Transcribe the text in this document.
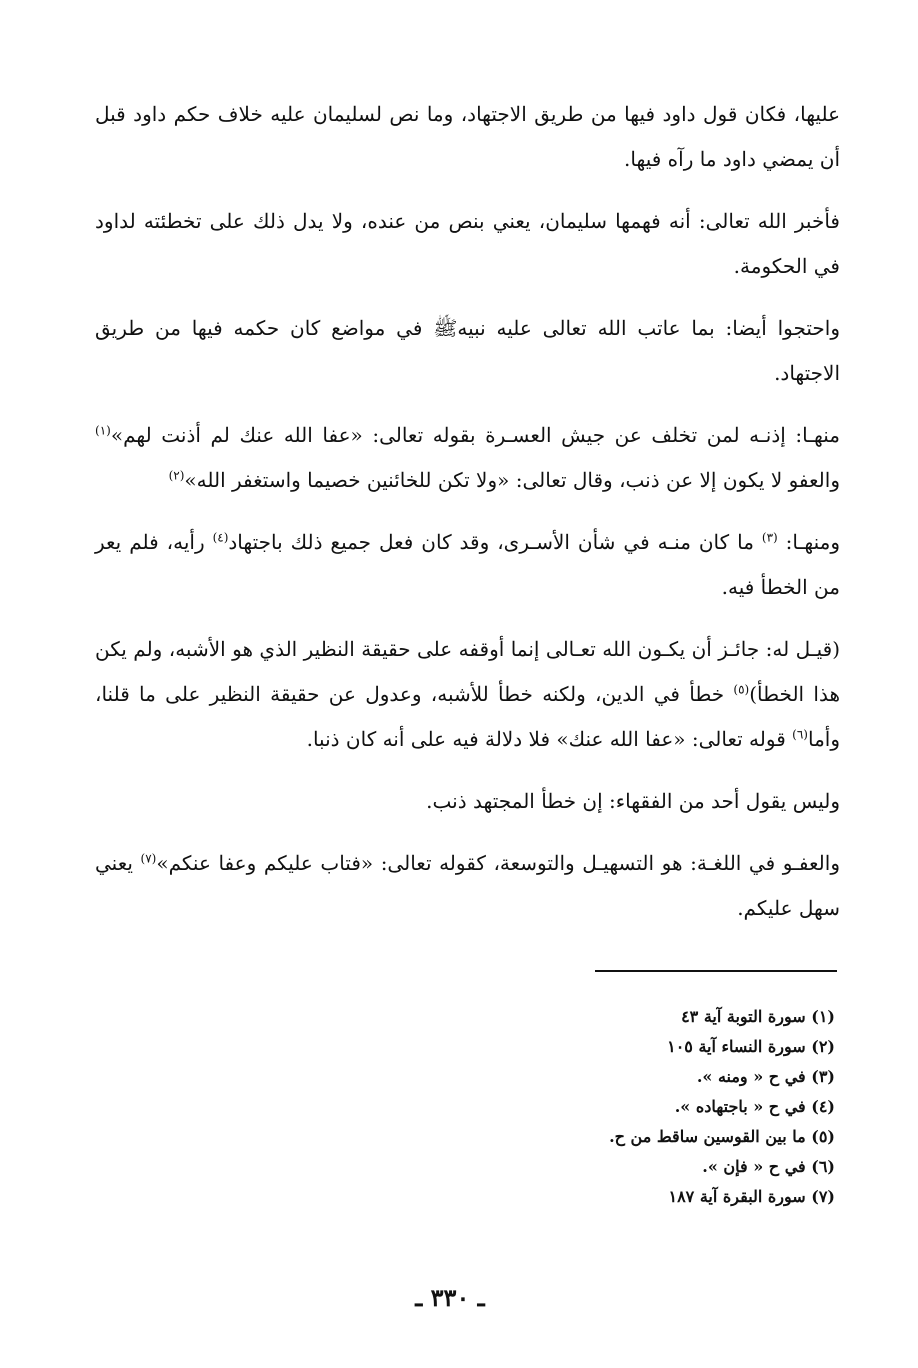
عليها، فكان قول داود فيها من طريق الاجتهاد، وما نص لسليمان عليه خلاف حكم داود قبل أن يمضي داود ما رآه فيها.

فأخبر الله تعالى: أنه فهمها سليمان، يعني بنص من عنده، ولا يدل ذلك على تخطئته لداود في الحكومة.

واحتجوا أيضا: بما عاتب الله تعالى عليه نبيهﷺ في مواضع كان حكمه فيها من طريق الاجتهاد.

منهـا: إذنـه لمن تخلف عن جيش العسـرة بقوله تعالى: «عفا الله عنك لم أذنت لهم»$^{(١)}$ والعفو لا يكون إلا عن ذنب، وقال تعالى: «ولا تكن للخائنين خصيما واستغفر الله»$^{(٢)}$

ومنهـا: $^{(٣)}$ ما كان منـه في شأن الأسـرى، وقد كان فعل جميع ذلك باجتهاد$^{(٤)}$ رأيه، فلم يعر من الخطأ فيه.

(قيـل له: جائـز أن يكـون الله تعـالى إنما أوقفه على حقيقة النظير الذي هو الأشبه، ولم يكن هذا الخطأ)$^{(٥)}$ خطأ في الدين، ولكنه خطأ للأشبه، وعدول عن حقيقة النظير على ما قلنا، وأما$^{(٦)}$ قوله تعالى: «عفا الله عنك» فلا دلالة فيه على أنه كان ذنبا.

وليس يقول أحد من الفقهاء: إن خطأ المجتهد ذنب.

والعفـو في اللغـة: هو التسهيـل والتوسعة، كقوله تعالى: «فتاب عليكم وعفا عنكم»$^{(٧)}$ يعني سهل عليكم.

(١) سورة التوبة آية ٤٣
(٢) سورة النساء آية ١٠٥
(٣) في ح « ومنه ».
(٤) في ح « باجتهاده ».
(٥) ما بين القوسين ساقط من ح.
(٦) في ح « فإن ».
(٧) سورة البقرة آية ١٨٧
ـ ٣٣٠ ـ
